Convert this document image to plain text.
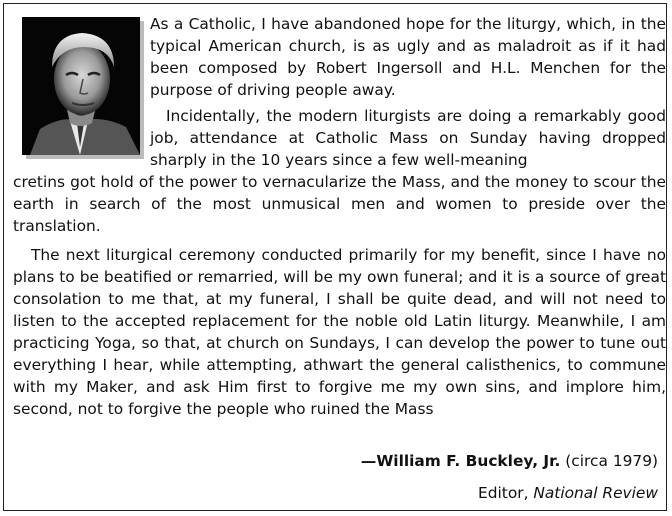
As a Catholic, I have abandoned hope for the liturgy, which, in the typical American church, is as ugly and as maladroit as if it had been composed by Robert Ingersoll and H.L. Menchen for the purpose of driving people away.

Incidentally, the modern liturgists are doing a remarkably good job, attendance at Catholic Mass on Sunday having dropped sharply in the 10 years since a few well-meaning

cretins got hold of the power to vernacularize the Mass, and the money to scour the earth in search of the most unmusical men and women to preside over the translation.

The next liturgical ceremony conducted primarily for my benefit, since I have no plans to be beatified or remarried, will be my own funeral; and it is a source of great consolation to me that, at my funeral, I shall be quite dead, and will not need to listen to the accepted replacement for the noble old Latin liturgy. Meanwhile, I am practicing Yoga, so that, at church on Sundays, I can develop the power to tune out everything I hear, while attempting, athwart the general calisthenics, to commune with my Maker, and ask Him first to forgive me my own sins, and implore him, second, not to forgive the people who ruined the Mass

—William F. Buckley, Jr. (circa 1979)
Editor, National Review
